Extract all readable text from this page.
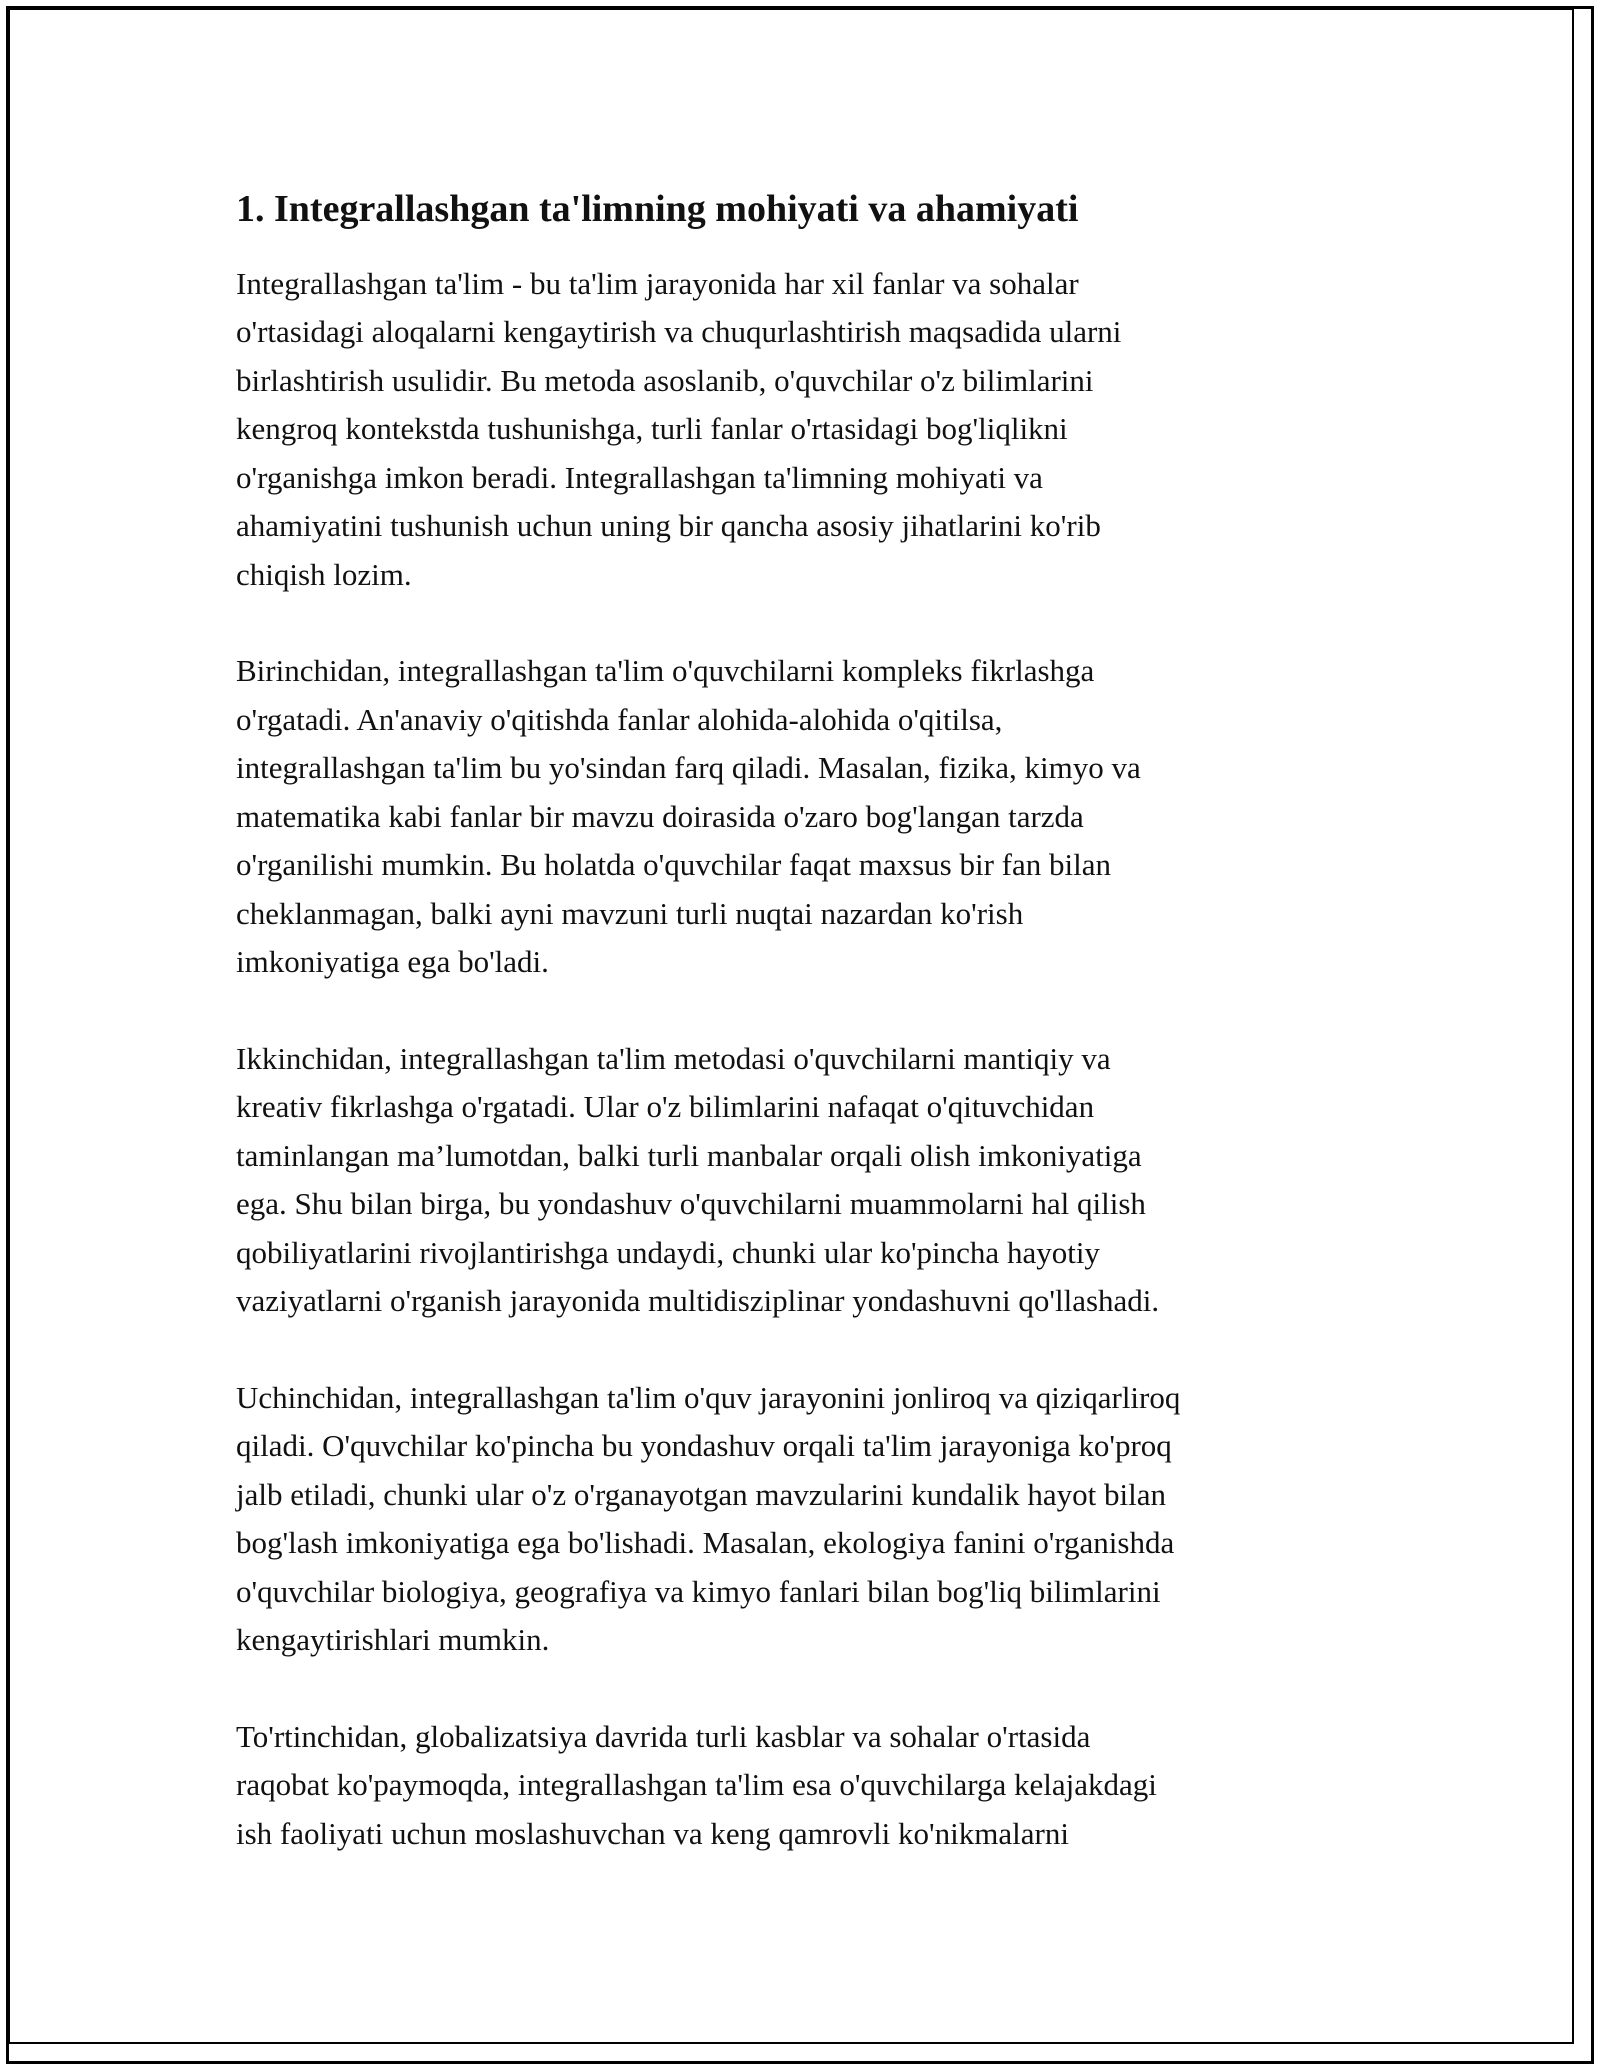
1. Integrallashgan ta'limning mohiyati va ahamiyati

Integrallashgan ta'lim - bu ta'lim jarayonida har xil fanlar va sohalar
o'rtasidagi aloqalarni kengaytirish va chuqurlashtirish maqsadida ularni
birlashtirish usulidir. Bu metoda asoslanib, o'quvchilar o'z bilimlarini
kengroq kontekstda tushunishga, turli fanlar o'rtasidagi bog'liqlikni
o'rganishga imkon beradi. Integrallashgan ta'limning mohiyati va
ahamiyatini tushunish uchun uning bir qancha asosiy jihatlarini ko'rib
chiqish lozim.

Birinchidan, integrallashgan ta'lim o'quvchilarni kompleks fikrlashga
o'rgatadi. An'anaviy o'qitishda fanlar alohida-alohida o'qitilsa,
integrallashgan ta'lim bu yo'sindan farq qiladi. Masalan, fizika, kimyo va
matematika kabi fanlar bir mavzu doirasida o'zaro bog'langan tarzda
o'rganilishi mumkin. Bu holatda o'quvchilar faqat maxsus bir fan bilan
cheklanmagan, balki ayni mavzuni turli nuqtai nazardan ko'rish
imkoniyatiga ega bo'ladi.

Ikkinchidan, integrallashgan ta'lim metodasi o'quvchilarni mantiqiy va
kreativ fikrlashga o'rgatadi. Ular o'z bilimlarini nafaqat o'qituvchidan
taminlangan ma’lumotdan, balki turli manbalar orqali olish imkoniyatiga
ega. Shu bilan birga, bu yondashuv o'quvchilarni muammolarni hal qilish
qobiliyatlarini rivojlantirishga undaydi, chunki ular ko'pincha hayotiy
vaziyatlarni o'rganish jarayonida multidisziplinar yondashuvni qo'llashadi.

Uchinchidan, integrallashgan ta'lim o'quv jarayonini jonliroq va qiziqarliroq
qiladi. O'quvchilar ko'pincha bu yondashuv orqali ta'lim jarayoniga ko'proq
jalb etiladi, chunki ular o'z o'rganayotgan mavzularini kundalik hayot bilan
bog'lash imkoniyatiga ega bo'lishadi. Masalan, ekologiya fanini o'rganishda
o'quvchilar biologiya, geografiya va kimyo fanlari bilan bog'liq bilimlarini
kengaytirishlari mumkin.

To'rtinchidan, globalizatsiya davrida turli kasblar va sohalar o'rtasida
raqobat ko'paymoqda, integrallashgan ta'lim esa o'quvchilarga kelajakdagi
ish faoliyati uchun moslashuvchan va keng qamrovli ko'nikmalarni
